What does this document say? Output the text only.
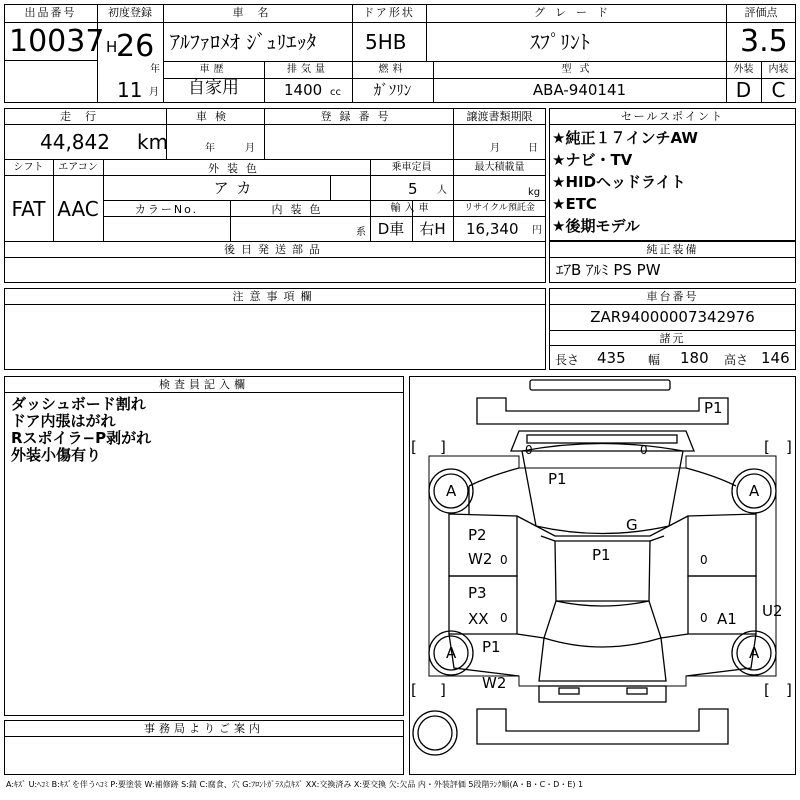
出品番号
10037
初度登録
H
26
年
11 月
車名
ｱﾙﾌｧﾛﾒｵ ｼﾞｭﾘｴｯﾀ
ドア形状
5HB
グレード
ｽﾌﾟﾘﾝﾄ
評価点
3.5
外装	内装
D	C
車歴
自家用
排気量
1400 cc
燃料
ｶﾞｿﾘﾝ
型式
ABA-940141
走行
44,842 km
車検
年	月
登録番号	譲渡書類期限
月	日
シフト
FAT
エアコン
AAC
外装色
アカ
乗車定員
5 人
最大積載量
kg
カラーNo.	内装色
系
輸入車
D車	右H
リサイクル預託金
16,340 円
後日発送部品
セールスポイント
★純正１７インチAW
★ナビ・TV
★HIDヘッドライト
★ETC
★後期モデル
純正装備
ｴｱB ｱﾙﾐ PS PW
注意事項欄	車台番号
ZAR94000007342976
諸元
長さ 435 幅 180 高さ 146
検査員記入欄
ダッシュボード割れ
ドア内張はがれ
Rスポイラ−P剥がれ
外装小傷有り
事務局よりご案内
P1
P1
G
P1
P2
W2
P3
XX
P1
W2
A1 U2
A	A
A	A
0
0
0
0
0	0
[ ]	[ ]
[ ]	[ ]
A:ｷｽﾞ U:ﾍｺﾐ B:ｷｽﾞを伴うﾍｺﾐ P:要塗装 W:補修跡 S:錆 C:腐食、穴 G:ﾌﾛﾝﾄｶﾞﾗｽ点ｷｽﾞ XX:交換済み X:要交換 欠:欠品 内・外装評価 5段階ﾗﾝｸ順(A・B・C・D・E) 1
